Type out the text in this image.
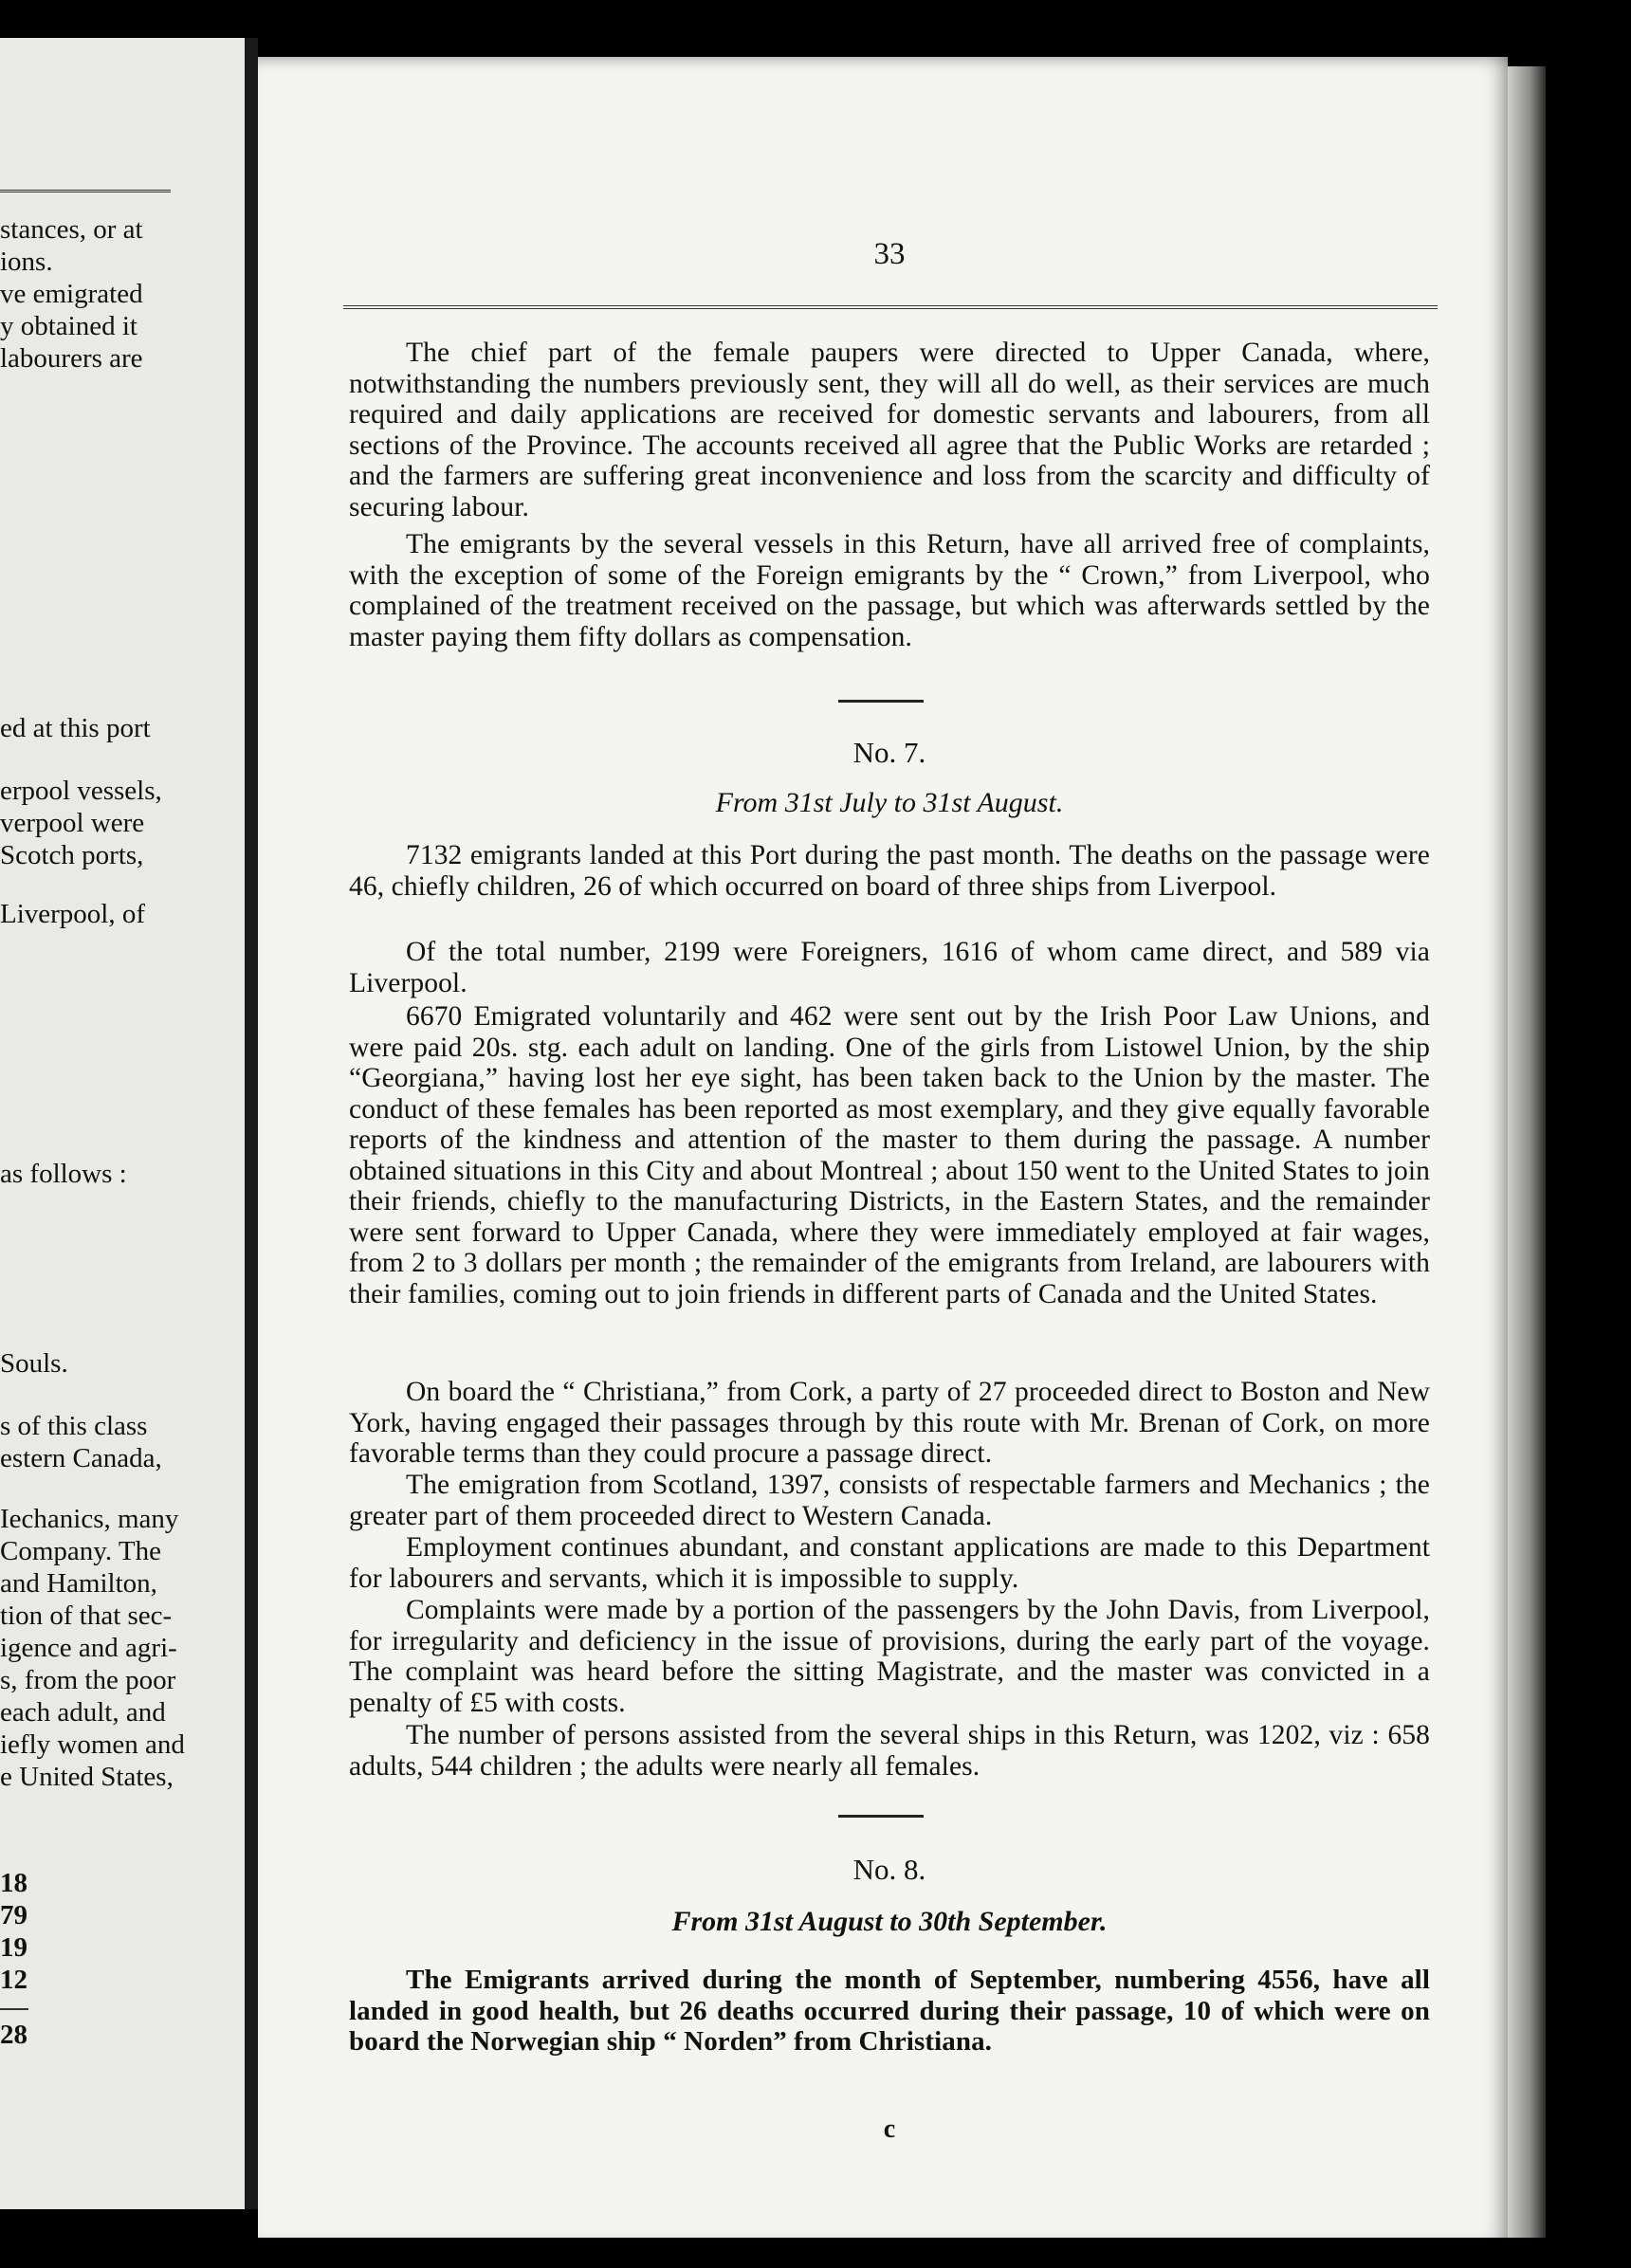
stances, or at
ions.
ve emigrated
y obtained it
labourers are
ed at this port
erpool vessels,
verpool were
Scotch ports,
Liverpool, of
as follows :
Souls.
s of this class
estern Canada,
Iechanics, many
Company. The
and Hamilton,
tion of that sec-
igence and agri-
s, from the poor
each adult, and
iefly women and
e United States,
18
79
19
12
28
33

The chief part of the female paupers were directed to Upper Canada, where, notwithstanding the numbers previously sent, they will all do well, as their services are much required and daily applications are received for domestic servants and labourers, from all sections of the Province. The accounts received all agree that the Public Works are retarded ; and the farmers are suffering great inconvenience and loss from the scarcity and difficulty of securing labour.

The emigrants by the several vessels in this Return, have all arrived free of complaints, with the exception of some of the Foreign emigrants by the “ Crown,” from Liverpool, who complained of the treatment received on the passage, but which was afterwards settled by the master paying them fifty dollars as compensation.

No. 7.
From 31st July to 31st August.

7132 emigrants landed at this Port during the past month. The deaths on the passage were 46, chiefly children, 26 of which occurred on board of three ships from Liverpool.

Of the total number, 2199 were Foreigners, 1616 of whom came direct, and 589 via Liverpool.

6670 Emigrated voluntarily and 462 were sent out by the Irish Poor Law Unions, and were paid 20s. stg. each adult on landing. One of the girls from Listowel Union, by the ship “Georgiana,” having lost her eye sight, has been taken back to the Union by the master. The conduct of these females has been reported as most exemplary, and they give equally favorable reports of the kindness and attention of the master to them during the passage. A number obtained situations in this City and about Montreal ; about 150 went to the United States to join their friends, chiefly to the manufacturing Districts, in the Eastern States, and the remainder were sent forward to Upper Canada, where they were immediately employed at fair wages, from 2 to 3 dollars per month ; the remainder of the emigrants from Ireland, are labourers with their families, coming out to join friends in different parts of Canada and the United States.

On board the “ Christiana,” from Cork, a party of 27 proceeded direct to Boston and New York, having engaged their passages through by this route with Mr. Brenan of Cork, on more favorable terms than they could procure a passage direct.

The emigration from Scotland, 1397, consists of respectable farmers and Mechanics ; the greater part of them proceeded direct to Western Canada.

Employment continues abundant, and constant applications are made to this Department for labourers and servants, which it is impossible to supply.

Complaints were made by a portion of the passengers by the John Davis, from Liverpool, for irregularity and deficiency in the issue of provisions, during the early part of the voyage. The complaint was heard before the sitting Magistrate, and the master was convicted in a penalty of £5 with costs.

The number of persons assisted from the several ships in this Return, was 1202, viz : 658 adults, 544 children ; the adults were nearly all females.

No. 8.
From 31st August to 30th September.

The Emigrants arrived during the month of September, numbering 4556, have all landed in good health, but 26 deaths occurred during their passage, 10 of which were on board the Norwegian ship “ Norden” from Christiana.

c
